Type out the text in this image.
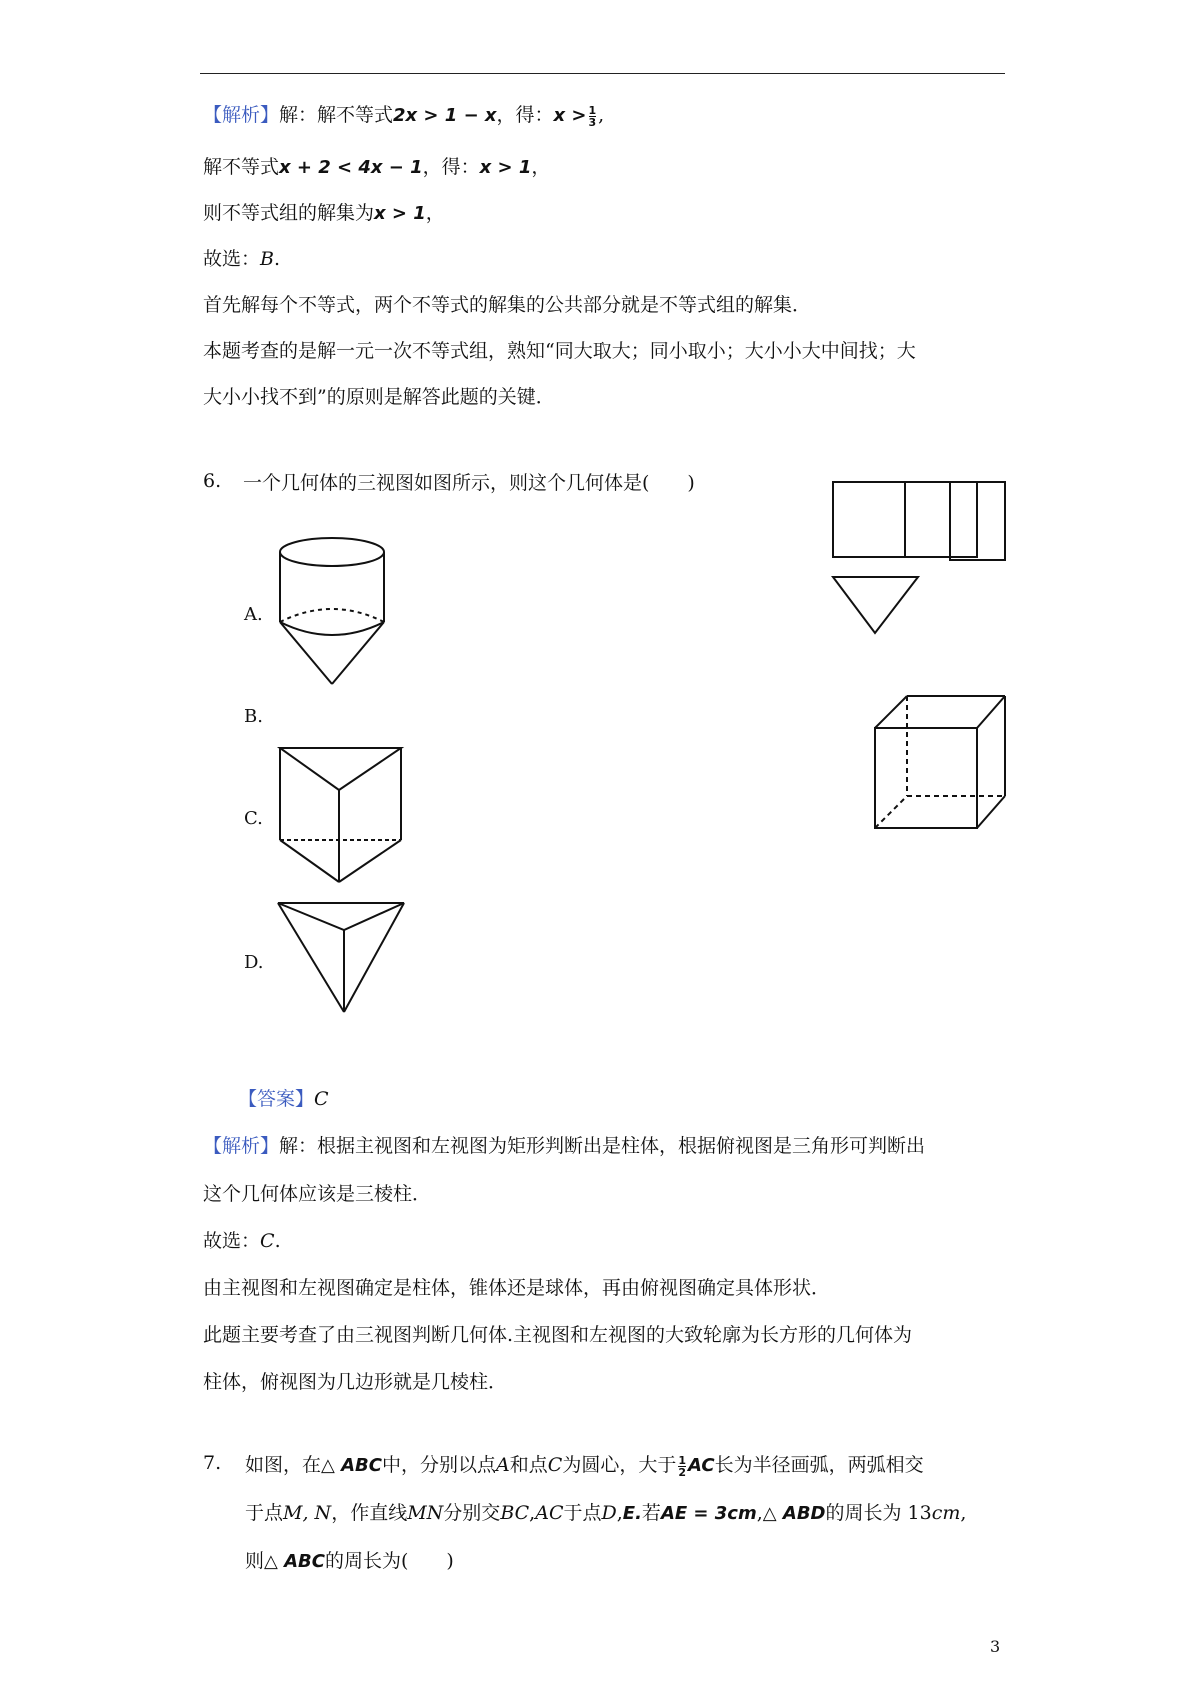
【解析】解：解不等式2x > 1 − x，得：$x > \frac{1}{3}$ ,
解不等式x + 2 < 4x − 1，得：x > 1，
则不等式组的解集为x > 1，
故选：B.
首先解每个不等式，两个不等式的解集的公共部分就是不等式组的解集．
本题考查的是解一元一次不等式组，熟知“同大取大；同小取小；大小小大中间找；大
大小小找不到”的原则是解答此题的关键．
6. 一个几何体的三视图如图所示，则这个几何体是(　　)
A.
B.
C.
D.
【答案】C
【解析】解：根据主视图和左视图为矩形判断出是柱体，根据俯视图是三角形可判断出
这个几何体应该是三棱柱．
故选：C.
由主视图和左视图确定是柱体，锥体还是球体，再由俯视图确定具体形状．
此题主要考查了由三视图判断几何体.主视图和左视图的大致轮廓为长方形的几何体为
柱体，俯视图为几边形就是几棱柱．
7. 如图，在△ ABC中，分别以点A和点C为圆心，大于 $\frac{1}{2}$ AC长为半径画弧，两弧相交
于点M, N，作直线MN分别交BC,AC于点D,E.若AE = 3cm,△ ABD的周长为 13cm,
则△ ABC的周长为(　　)
3
